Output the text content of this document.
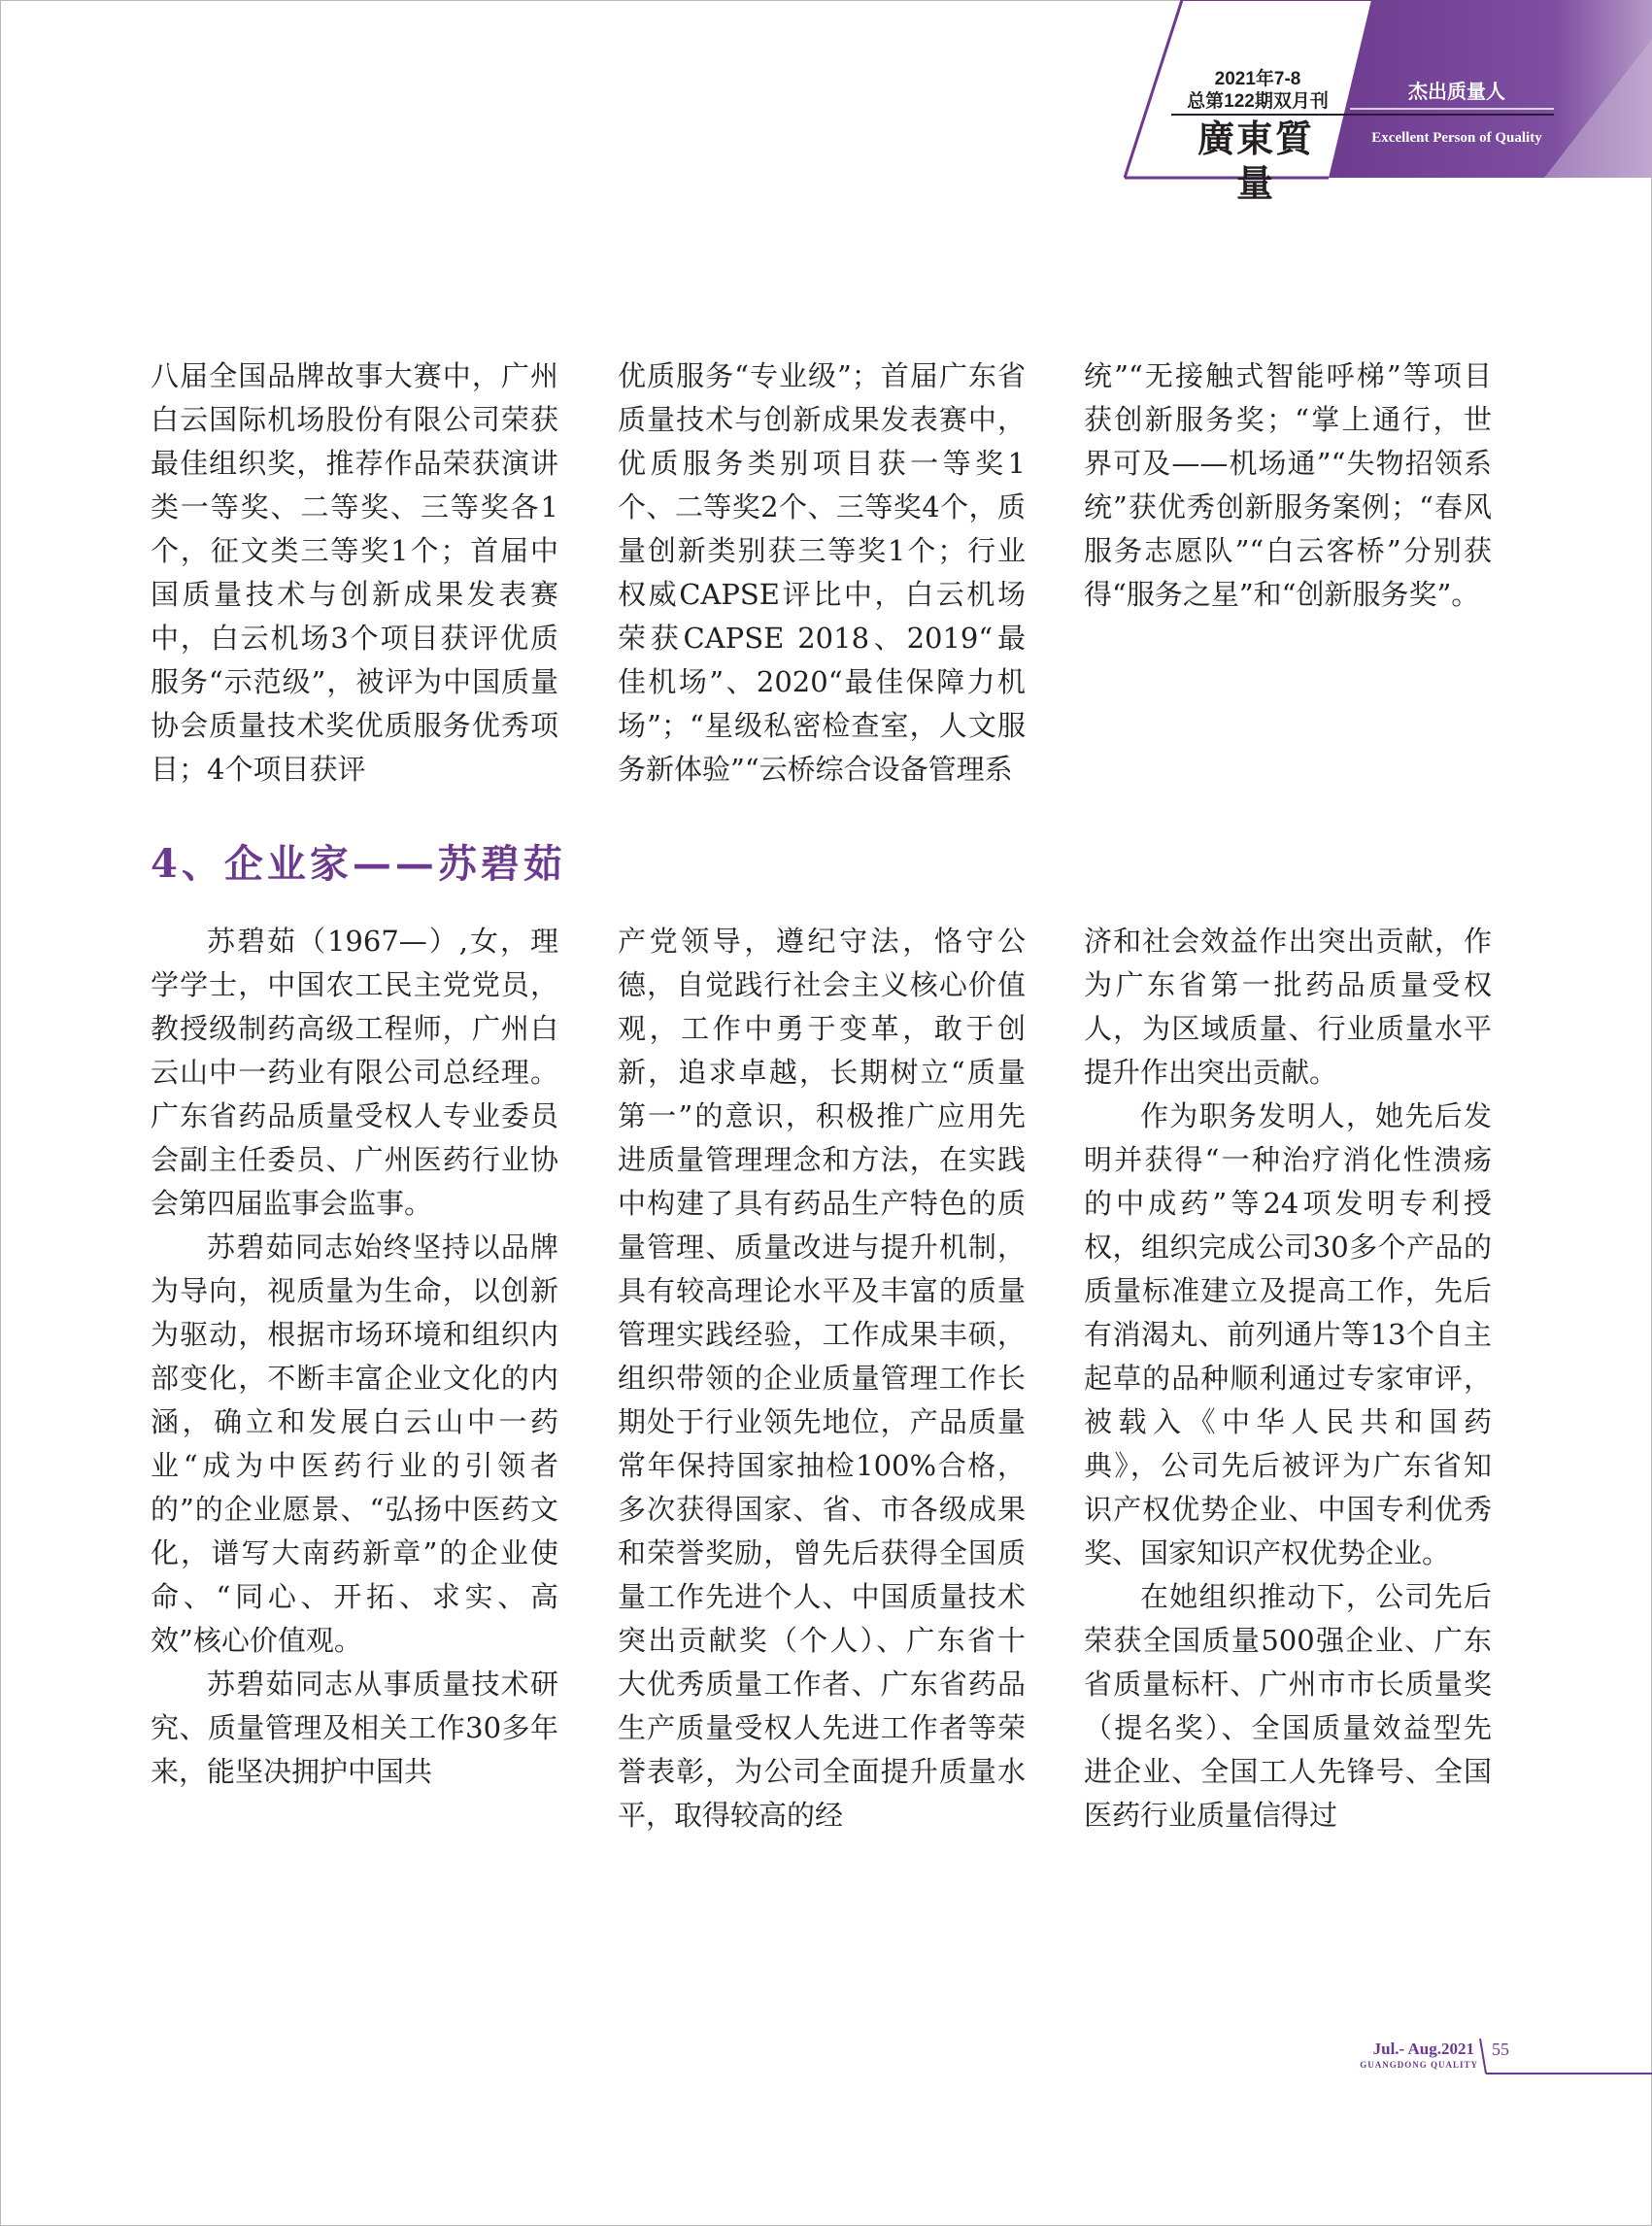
2021年7-8
总第122期双月刊
廣東質量
杰出质量人
Excellent Person of Quality

八届全国品牌故事大赛中，广州白云国际机场股份有限公司荣获最佳组织奖，推荐作品荣获演讲类一等奖、二等奖、三等奖各1个，征文类三等奖1个；首届中国质量技术与创新成果发表赛中，白云机场3个项目获评优质服务“示范级”，被评为中国质量协会质量技术奖优质服务优秀项目；4个项目获评

优质服务“专业级”；首届广东省质量技术与创新成果发表赛中，优质服务类别项目获一等奖1个、二等奖2个、三等奖4个，质量创新类别获三等奖1个；行业权威CAPSE评比中，白云机场荣获CAPSE 2018、2019“最佳机场”、2020“最佳保障力机场”；“星级私密检查室，人文服务新体验”“云桥综合设备管理系

统”“无接触式智能呼梯”等项目获创新服务奖；“掌上通行，世界可及——机场通”“失物招领系统”获优秀创新服务案例；“春风服务志愿队”“白云客桥”分别获得“服务之星”和“创新服务奖”。

4、企业家——苏碧茹

苏碧茹（1967—）,女，理学学士，中国农工民主党党员，教授级制药高级工程师，广州白云山中一药业有限公司总经理。广东省药品质量受权人专业委员会副主任委员、广州医药行业协会第四届监事会监事。

苏碧茹同志始终坚持以品牌为导向，视质量为生命，以创新为驱动，根据市场环境和组织内部变化，不断丰富企业文化的内涵，确立和发展白云山中一药业“成为中医药行业的引领者的”的企业愿景、“弘扬中医药文化，谱写大南药新章”的企业使命、“同心、开拓、求实、高效”核心价值观。

苏碧茹同志从事质量技术研究、质量管理及相关工作30多年来，能坚决拥护中国共

产党领导，遵纪守法，恪守公德，自觉践行社会主义核心价值观，工作中勇于变革，敢于创新，追求卓越，长期树立“质量第一”的意识，积极推广应用先进质量管理理念和方法，在实践中构建了具有药品生产特色的质量管理、质量改进与提升机制，具有较高理论水平及丰富的质量管理实践经验，工作成果丰硕，组织带领的企业质量管理工作长期处于行业领先地位，产品质量常年保持国家抽检100%合格，多次获得国家、省、市各级成果和荣誉奖励，曾先后获得全国质量工作先进个人、中国质量技术突出贡献奖（个人）、广东省十大优秀质量工作者、广东省药品生产质量受权人先进工作者等荣誉表彰，为公司全面提升质量水平，取得较高的经

济和社会效益作出突出贡献，作为广东省第一批药品质量受权人，为区域质量、行业质量水平提升作出突出贡献。

作为职务发明人，她先后发明并获得“一种治疗消化性溃疡的中成药”等24项发明专利授权，组织完成公司30多个产品的质量标准建立及提高工作，先后有消渴丸、前列通片等13个自主起草的品种顺利通过专家审评，被载入《中华人民共和国药典》，公司先后被评为广东省知识产权优势企业、中国专利优秀奖、国家知识产权优势企业。

在她组织推动下，公司先后荣获全国质量500强企业、广东省质量标杆、广州市市长质量奖（提名奖）、全国质量效益型先进企业、全国工人先锋号、全国医药行业质量信得过

Jul.- Aug.2021
GUANGDONG QUALITY
55
